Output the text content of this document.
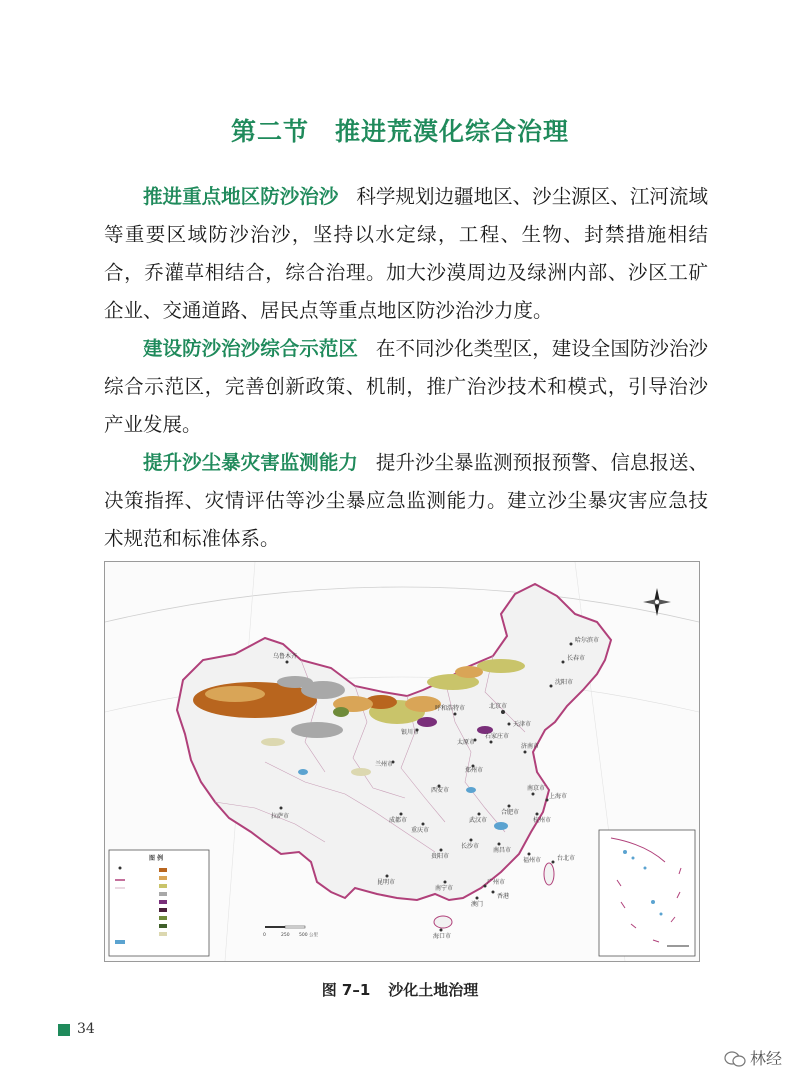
第二节 推进荒漠化综合治理

推进重点地区防沙治沙 科学规划边疆地区、沙尘源区、江河流域等重要区域防沙治沙，坚持以水定绿，工程、生物、封禁措施相结合，乔灌草相结合，综合治理。加大沙漠周边及绿洲内部、沙区工矿企业、交通道路、居民点等重点地区防沙治沙力度。

建设防沙治沙综合示范区 在不同沙化类型区，建设全国防沙治沙综合示范区，完善创新政策、机制，推广治沙技术和模式，引导治沙产业发展。

提升沙尘暴灾害监测能力 提升沙尘暴监测预报预警、信息报送、决策指挥、灾情评估等沙尘暴应急监测能力。建立沙尘暴灾害应急技术规范和标准体系。

乌鲁木齐
哈尔滨市
长春市
沈阳市
北京市
天津市
呼和浩特市
银川市
太原市
石家庄市
济南市
郑州市
兰州市
西安市
拉萨市
成都市
重庆市
武汉市
合肥市
南京市
上海市
杭州市
长沙市
南昌市
福州市
贵阳市
昆明市
南宁市
广州市
香港
澳门
海口市
台北市
图 例
0	250 500 公里
图 7–1 沙化土地治理
34
林经
